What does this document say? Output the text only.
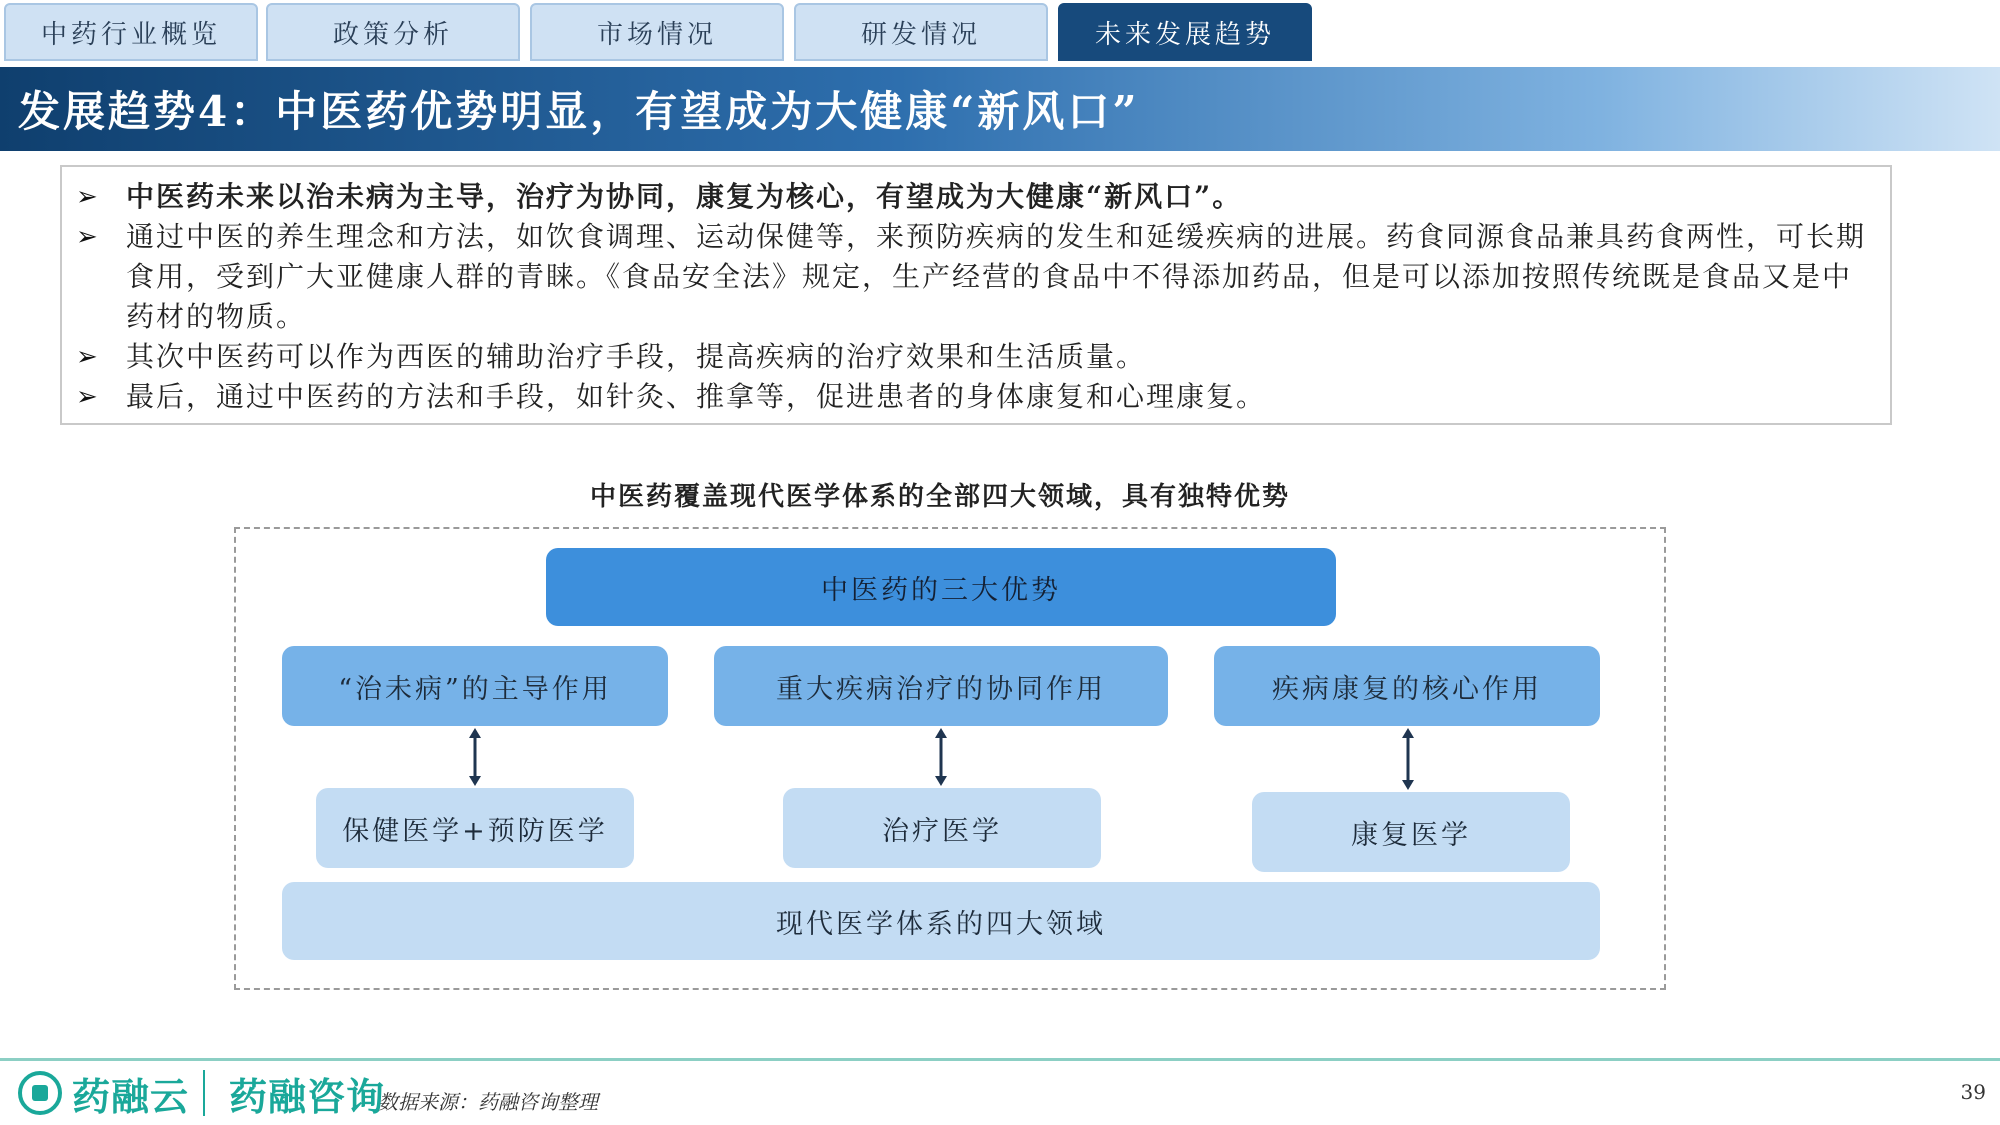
中药行业概览	政策分析	市场情况	研发情况	未来发展趋势
发展趋势4：中医药优势明显，有望成为大健康“新风口”
➢ 中医药未来以治未病为主导，治疗为协同，康复为核心，有望成为大健康“新风口”。
➢ 通过中医的养生理念和方法，如饮食调理、运动保健等，来预防疾病的发生和延缓疾病的进展。药食同源食品兼具药食两性，可长期食用，受到广大亚健康人群的青睐。《食品安全法》规定，生产经营的食品中不得添加药品，但是可以添加按照传统既是食品又是中药材的物质。
➢ 其次中医药可以作为西医的辅助治疗手段，提高疾病的治疗效果和生活质量。
➢ 最后，通过中医药的方法和手段，如针灸、推拿等，促进患者的身体康复和心理康复。
中医药覆盖现代医学体系的全部四大领域，具有独特优势
中医药的三大优势
“治未病”的主导作用	重大疾病治疗的协同作用	疾病康复的核心作用
保健医学+预防医学	治疗医学	康复医学
现代医学体系的四大领域
药融云 药融咨询
数据来源：药融咨询整理	39
